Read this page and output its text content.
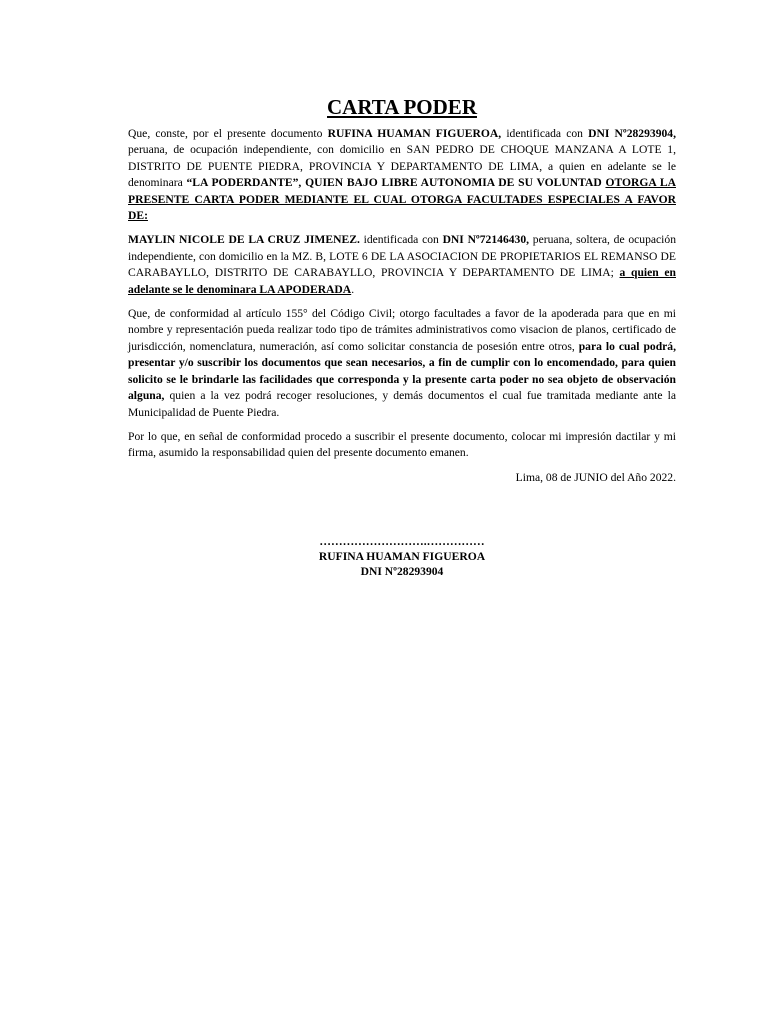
CARTA PODER

Que, conste, por el presente documento RUFINA HUAMAN FIGUEROA, identificada con DNI Nº28293904, peruana, de ocupación independiente, con domicilio en SAN PEDRO DE CHOQUE MANZANA A LOTE 1, DISTRITO DE PUENTE PIEDRA, PROVINCIA Y DEPARTAMENTO DE LIMA, a quien en adelante se le denominara “LA PODERDANTE”, QUIEN BAJO LIBRE AUTONOMIA DE SU VOLUNTAD OTORGA LA PRESENTE CARTA PODER MEDIANTE EL CUAL OTORGA FACULTADES ESPECIALES A FAVOR DE:

MAYLIN NICOLE DE LA CRUZ JIMENEZ. identificada con DNI Nº72146430, peruana, soltera, de ocupación independiente, con domicilio en la MZ. B, LOTE 6 DE LA ASOCIACION DE PROPIETARIOS EL REMANSO DE CARABAYLLO, DISTRITO DE CARABAYLLO, PROVINCIA Y DEPARTAMENTO DE LIMA; a quien en adelante se le denominara LA APODERADA.

Que, de conformidad al artículo 155° del Código Civil; otorgo facultades a favor de la apoderada para que en mi nombre y representación pueda realizar todo tipo de trámites administrativos como visacion de planos, certificado de jurisdicción, nomenclatura, numeración, así como solicitar constancia de posesión entre otros, para lo cual podrá, presentar y/o suscribir los documentos que sean necesarios, a fin de cumplir con lo encomendado, para quien solicito se le brindarle las facilidades que corresponda y la presente carta poder no sea objeto de observación alguna, quien a la vez podrá recoger resoluciones, y demás documentos el cual fue tramitada mediante ante la Municipalidad de Puente Piedra.

Por lo que, en señal de conformidad procedo a suscribir el presente documento, colocar mi impresión dactilar y mi firma, asumido la responsabilidad quien del presente documento emanen.

Lima, 08 de JUNIO del Año 2022.

……………………….……………
RUFINA HUAMAN FIGUEROA
DNI Nº28293904
